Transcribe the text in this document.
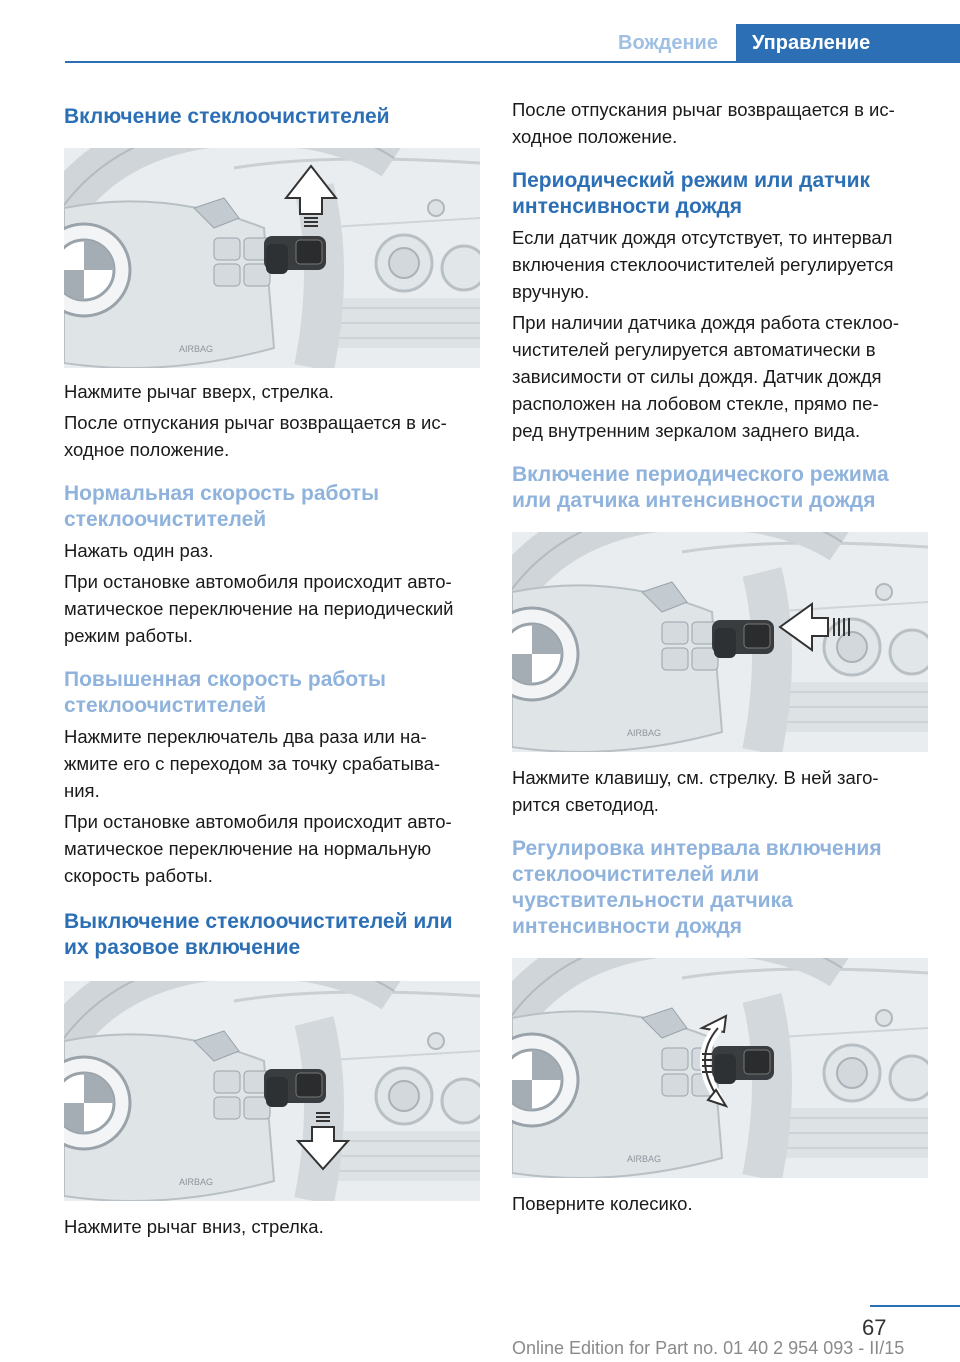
Вождение	Управление
Включение стеклоочистителей
Нажмите рычаг вверх, стрелка.
После отпускания рычаг возвращается в ис‐
ходное положение.
Нормальная скорость работы
стеклоочистителей
Нажать один раз.
При остановке автомобиля происходит авто‐
матическое переключение на периодический
режим работы.
Повышенная скорость работы
стеклоочистителей
Нажмите переключатель два раза или на‐
жмите его с переходом за точку срабатыва‐
ния.
При остановке автомобиля происходит авто‐
матическое переключение на нормальную
скорость работы.
Выключение стеклоочистителей или
их разовое включение
Нажмите рычаг вниз, стрелка.
После отпускания рычаг возвращается в ис‐
ходное положение.
Периодический режим или датчик
интенсивности дождя
Если датчик дождя отсутствует, то интервал
включения стеклоочистителей регулируется
вручную.
При наличии датчика дождя работа стеклоо‐
чистителей регулируется автоматически в
зависимости от силы дождя. Датчик дождя
расположен на лобовом стекле, прямо пе‐
ред внутренним зеркалом заднего вида.
Включение периодического режима
или датчика интенсивности дождя
Нажмите клавишу, см. стрелку. В ней заго‐
рится светодиод.
Регулировка интервала включения
стеклоочистителей или
чувствительности датчика
интенсивности дождя
Поверните колесико.
67
Online Edition for Part no. 01 40 2 954 093 - II/15
